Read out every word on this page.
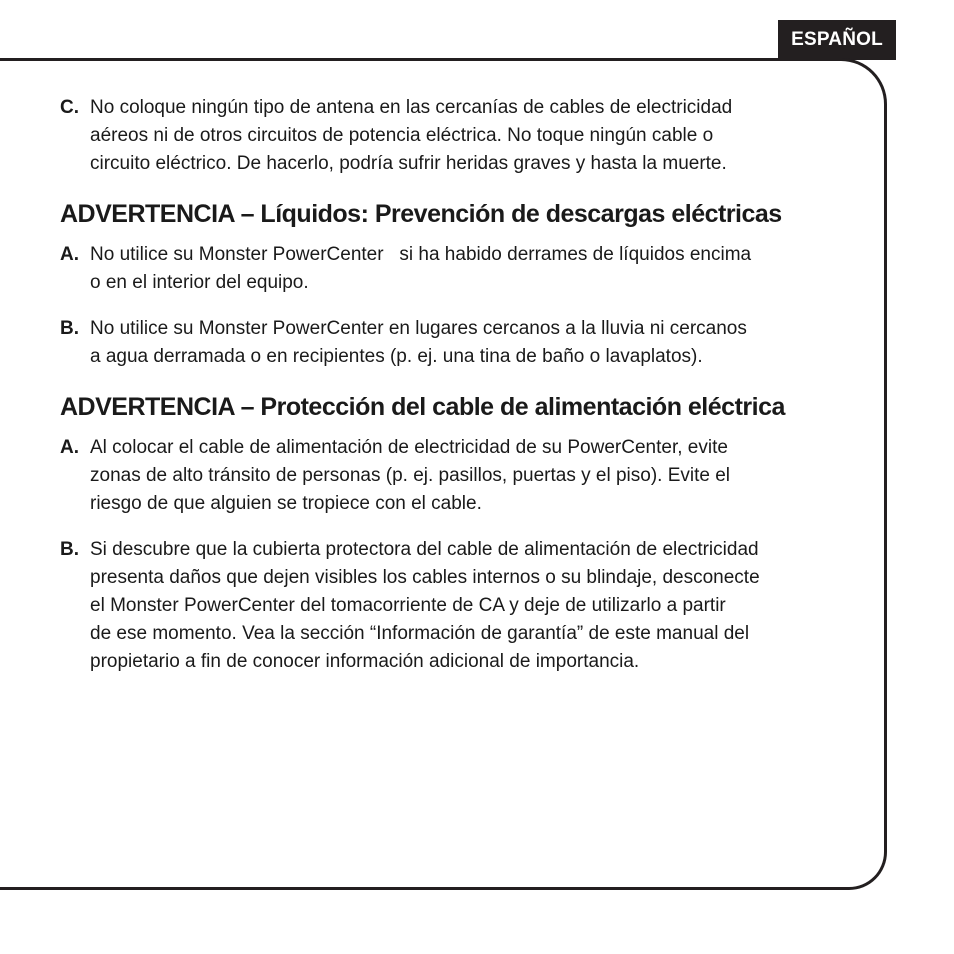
ESPAÑOL
C. No coloque ningún tipo de antena en las cercanías de cables de electricidad
aéreos ni de otros circuitos de potencia eléctrica. No toque ningún cable o
circuito eléctrico. De hacerlo, podría sufrir heridas graves y hasta la muerte.
ADVERTENCIA – Líquidos: Prevención de descargas eléctricas
A. No utilice su Monster PowerCenter   si ha habido derrames de líquidos encima
o en el interior del equipo.
B. No utilice su Monster PowerCenter en lugares cercanos a la lluvia ni cercanos
a agua derramada o en recipientes (p. ej. una tina de baño o lavaplatos).
ADVERTENCIA – Protección del cable de alimentación eléctrica
A. Al colocar el cable de alimentación de electricidad de su PowerCenter, evite
zonas de alto tránsito de personas (p. ej. pasillos, puertas y el piso). Evite el
riesgo de que alguien se tropiece con el cable.
B. Si descubre que la cubierta protectora del cable de alimentación de electricidad
presenta daños que dejen visibles los cables internos o su blindaje, desconecte
el Monster PowerCenter del tomacorriente de CA y deje de utilizarlo a partir
de ese momento. Vea la sección “Información de garantía” de este manual del
propietario a fin de conocer información adicional de importancia.
